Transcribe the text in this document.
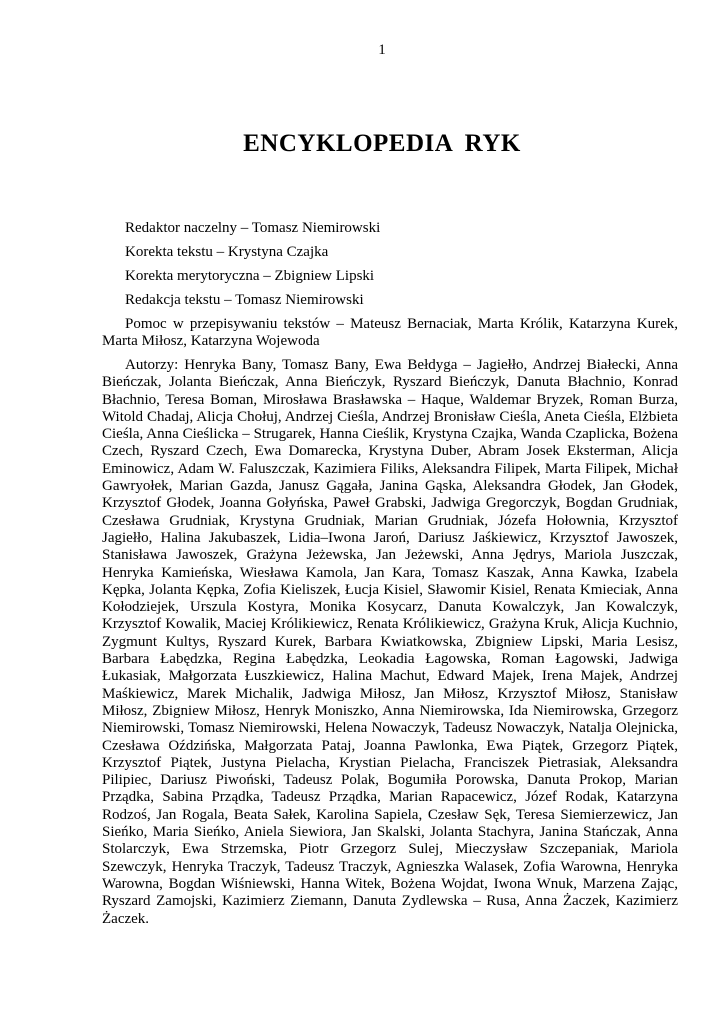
1
ENCYKLOPEDIA RYK

Redaktor naczelny – Tomasz Niemirowski

Korekta tekstu – Krystyna Czajka

Korekta merytoryczna – Zbigniew Lipski

Redakcja tekstu – Tomasz Niemirowski

Pomoc w przepisywaniu tekstów – Mateusz Bernaciak, Marta Królik, Katarzyna Kurek, Marta Miłosz, Katarzyna Wojewoda

Autorzy: Henryka Bany, Tomasz Bany, Ewa Bełdyga – Jagiełło, Andrzej Białecki, Anna Bieńczak, Jolanta Bieńczak, Anna Bieńczyk, Ryszard Bieńczyk, Danuta Błachnio, Konrad Błachnio, Teresa Boman, Mirosława Brasławska – Haque, Waldemar Bryzek, Roman Burza, Witold Chadaj, Alicja Chołuj, Andrzej Cieśla, Andrzej Bronisław Cieśla, Aneta Cieśla, Elżbieta Cieśla, Anna Cieślicka – Strugarek, Hanna Cieślik, Krystyna Czajka, Wanda Czaplicka, Bożena Czech, Ryszard Czech, Ewa Domarecka, Krystyna Duber, Abram Josek Eksterman, Alicja Eminowicz, Adam W. Faluszczak, Kazimiera Filiks, Aleksandra Filipek, Marta Filipek, Michał Gawryołek, Marian Gazda, Janusz Gągała, Janina Gąska, Aleksandra Głodek, Jan Głodek, Krzysztof Głodek, Joanna Gołyńska, Paweł Grabski, Jadwiga Gregorczyk, Bogdan Grudniak, Czesława Grudniak, Krystyna Grudniak, Marian Grudniak, Józefa Hołownia, Krzysztof Jagiełło, Halina Jakubaszek, Lidia–Iwona Jaroń, Dariusz Jaśkiewicz, Krzysztof Jawoszek, Stanisława Jawoszek, Grażyna Jeżewska, Jan Jeżewski, Anna Jędrys, Mariola Juszczak, Henryka Kamieńska, Wiesława Kamola, Jan Kara, Tomasz Kaszak, Anna Kawka, Izabela Kępka, Jolanta Kępka, Zofia Kieliszek, Łucja Kisiel, Sławomir Kisiel, Renata Kmieciak, Anna Kołodziejek, Urszula Kostyra, Monika Kosycarz, Danuta Kowalczyk, Jan Kowalczyk, Krzysztof Kowalik, Maciej Królikiewicz, Renata Królikiewicz, Grażyna Kruk, Alicja Kuchnio, Zygmunt Kultys, Ryszard Kurek, Barbara Kwiatkowska, Zbigniew Lipski, Maria Lesisz, Barbara Łabędzka, Regina Łabędzka, Leokadia Łagowska, Roman Łagowski, Jadwiga Łukasiak, Małgorzata Łuszkiewicz, Halina Machut, Edward Majek, Irena Majek, Andrzej Maśkiewicz, Marek Michalik, Jadwiga Miłosz, Jan Miłosz, Krzysztof Miłosz, Stanisław Miłosz, Zbigniew Miłosz, Henryk Moniszko, Anna Niemirowska, Ida Niemirowska, Grzegorz Niemirowski, Tomasz Niemirowski, Helena Nowaczyk, Tadeusz Nowaczyk, Natalja Olejnicka, Czesława Oździńska, Małgorzata Pataj, Joanna Pawlonka, Ewa Piątek, Grzegorz Piątek, Krzysztof Piątek, Justyna Pielacha, Krystian Pielacha, Franciszek Pietrasiak, Aleksandra Pilipiec, Dariusz Piwoński, Tadeusz Polak, Bogumiła Porowska, Danuta Prokop, Marian Prządka, Sabina Prządka, Tadeusz Prządka, Marian Rapacewicz, Józef Rodak, Katarzyna Rodzoś, Jan Rogala, Beata Sałek, Karolina Sapiela, Czesław Sęk, Teresa Siemierzewicz, Jan Sieńko, Maria Sieńko, Aniela Siewiora, Jan Skalski, Jolanta Stachyra, Janina Stańczak, Anna Stolarczyk, Ewa Strzemska, Piotr Grzegorz Sulej, Mieczysław Szczepaniak, Mariola Szewczyk, Henryka Traczyk, Tadeusz Traczyk, Agnieszka Walasek, Zofia Warowna, Henryka Warowna, Bogdan Wiśniewski, Hanna Witek, Bożena Wojdat, Iwona Wnuk, Marzena Zając, Ryszard Zamojski, Kazimierz Ziemann, Danuta Zydlewska – Rusa, Anna Żaczek, Kazimierz Żaczek.
